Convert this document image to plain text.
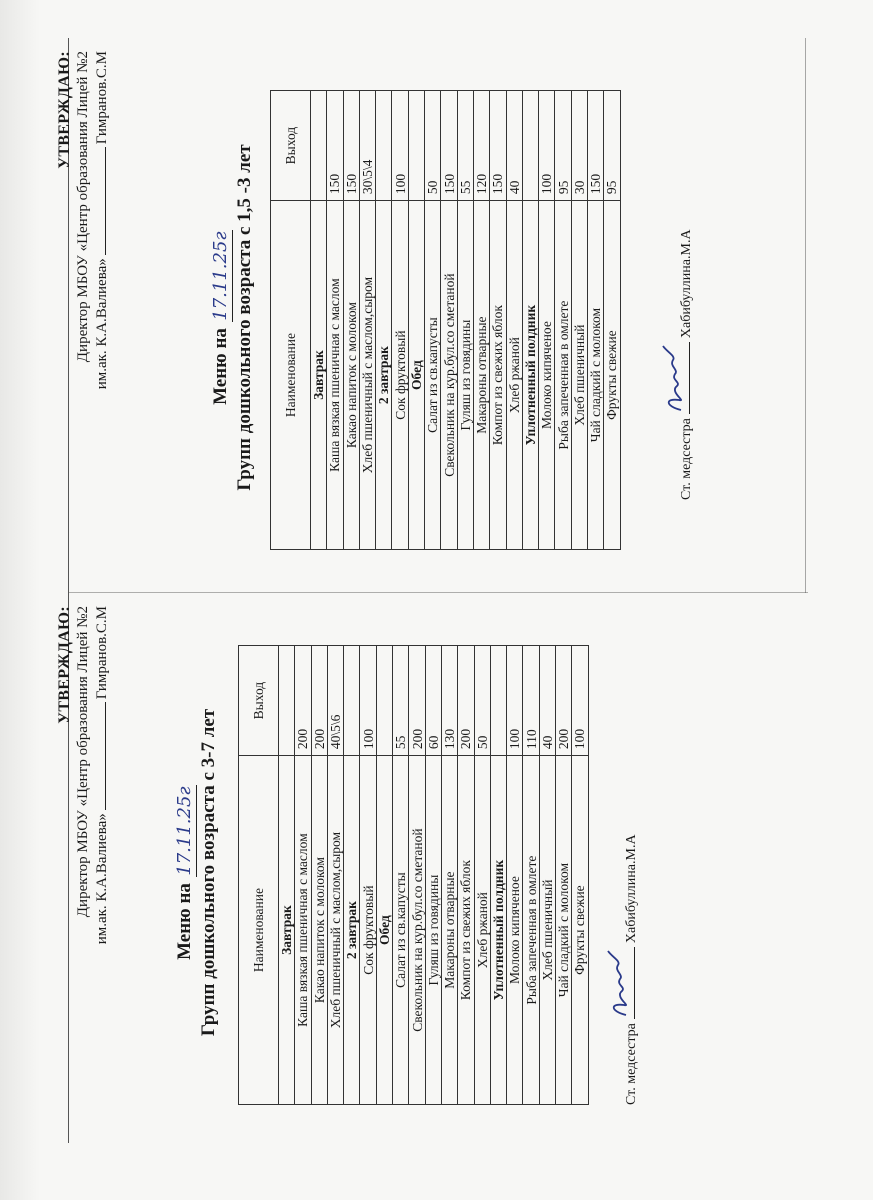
УТВЕРЖДАЮ: Директор МБОУ «Центр образования Лицей №2 им.ак. К.А.Валиева»Гимранов.С.М
Меню на17.11.25г Групп дошкольного возраста с 1,5 -3 лет Наименование	Выход
Завтрак	
Каша вязкая пшеничная с маслом	150
Какао напиток с молоком	150
Хлеб пшеничный с маслом,сыром	30\5\4
2 завтрак	
Сок фруктовый	100
Обед	
Салат из св.капусты	50
Свекольник на кур.бул.со сметаной	150
Гуляш из говядины	55
Макароны отварные	120
Компот из свежих яблок	150
Хлеб ржаной	40
Уплотненный полдник	
Молоко кипяченое	100
Рыба запеченная в омлете	95
Хлеб пшеничный	30
Чай сладкий с молоком	150
Фрукты свежие	95
Ст. медсестра
Хабибуллина.М.А
УТВЕРЖДАЮ: Директор МБОУ «Центр образования Лицей №2 им.ак. К.А.Валиева»Гимранов.С.М
Меню на17.11.25г Групп дошкольного возраста с 3-7 лет Наименование	Выход
Завтрак	
Каша вязкая пшеничная с маслом	200
Какао напиток с молоком	200
Хлеб пшеничный с маслом,сыром	40\5\6
2 завтрак	
Сок фруктовый	100
Обед	
Салат из св.капусты	55
Свекольник на кур.бул.со сметаной	200
Гуляш из говядины	60
Макароны отварные	130
Компот из свежих яблок	200
Хлеб ржаной	50
Уплотненный полдник	
Молоко кипяченое	100
Рыба запеченная в омлете	110
Хлеб пшеничный	40
Чай сладкий с молоком	200
Фрукты свежие	100
Ст. медсестра
Хабибуллина.М.А
